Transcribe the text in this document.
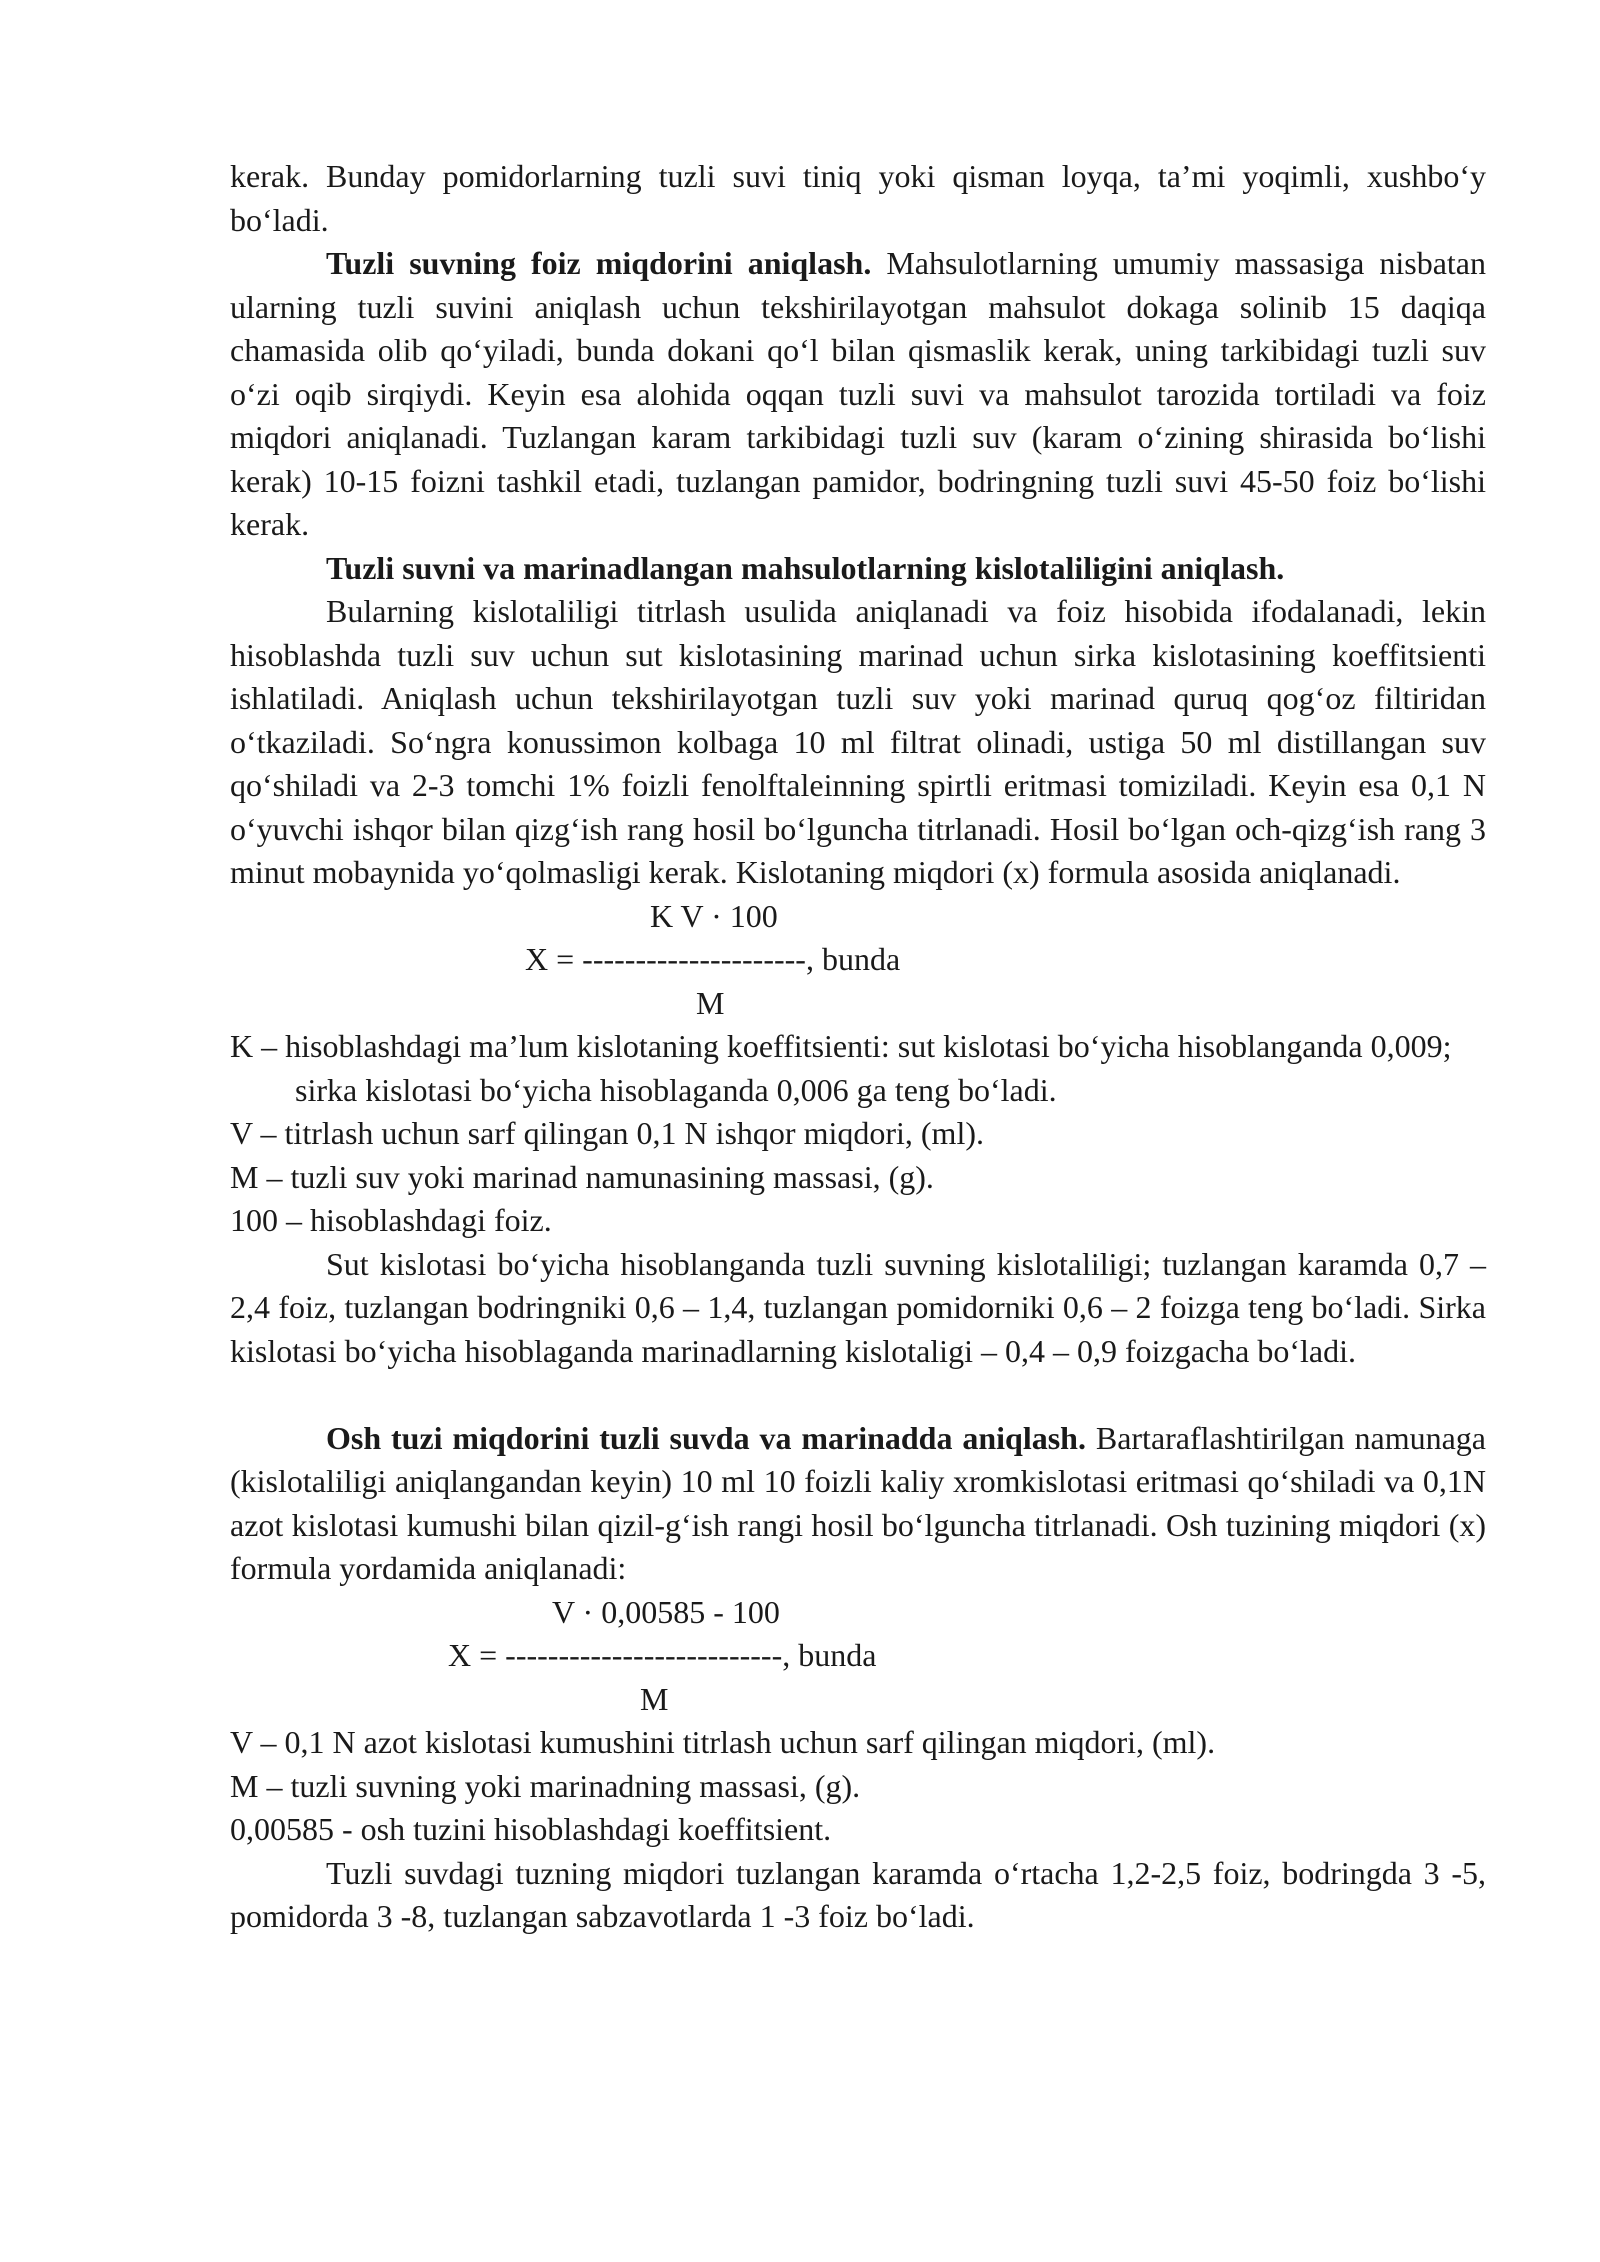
kerak. Bunday pomidorlarning tuzli suvi tiniq yoki qisman loyqa, ta’mi yoqimli, xushbo‘y bo‘ladi.

Tuzli suvning foiz miqdorini aniqlash. Mahsulotlarning umumiy massasiga nisbatan ularning tuzli suvini aniqlash uchun tekshirilayotgan mahsulot dokaga solinib 15 daqiqa chamasida olib qo‘yiladi, bunda dokani qo‘l bilan qismaslik kerak, uning tarkibidagi tuzli suv o‘zi oqib sirqiydi. Keyin esa alohida oqqan tuzli suvi va mahsulot tarozida tortiladi va foiz miqdori aniqlanadi. Tuzlangan karam tarkibidagi tuzli suv (karam o‘zining shirasida bo‘lishi kerak) 10-15 foizni tashkil etadi, tuzlangan pamidor, bodringning tuzli suvi 45-50 foiz bo‘lishi kerak.

Tuzli suvni va marinadlangan mahsulotlarning kislotaliligini aniqlash.

Bularning kislotaliligi titrlash usulida aniqlanadi va foiz hisobida ifodalanadi, lekin hisoblashda tuzli suv uchun sut kislotasining marinad uchun sirka kislotasining koeffitsienti ishlatiladi. Aniqlash uchun tekshirilayotgan tuzli suv yoki marinad quruq qog‘oz filtiridan o‘tkaziladi. So‘ngra konussimon kolbaga 10 ml filtrat olinadi, ustiga 50 ml distillangan suv qo‘shiladi va 2-3 tomchi 1% foizli fenolftaleinning spirtli eritmasi tomiziladi. Keyin esa 0,1 N o‘yuvchi ishqor bilan qizg‘ish rang hosil bo‘lguncha titrlanadi. Hosil bo‘lgan och-qizg‘ish rang 3 minut mobaynida yo‘qolmasligi kerak. Kislotaning miqdori (x) formula asosida aniqlanadi.

K V · 100
X = ---------------------, bunda
M

K – hisoblashdagi ma’lum kislotaning koeffitsienti: sut kislotasi bo‘yicha hisoblanganda 0,009; sirka kislotasi bo‘yicha hisoblaganda 0,006 ga teng bo‘ladi.

V – titrlash uchun sarf qilingan 0,1 N ishqor miqdori, (ml).

M – tuzli suv yoki marinad namunasining massasi, (g).

100 – hisoblashdagi foiz.

Sut kislotasi bo‘yicha hisoblanganda tuzli suvning kislotaliligi; tuzlangan karamda 0,7 – 2,4 foiz, tuzlangan bodringniki 0,6 – 1,4, tuzlangan pomidorniki 0,6 – 2 foizga teng bo‘ladi. Sirka kislotasi bo‘yicha hisoblaganda marinadlarning kislotaligi – 0,4 – 0,9 foizgacha bo‘ladi.

Osh tuzi miqdorini tuzli suvda va marinadda aniqlash. Bartaraflashtirilgan namunaga (kislotaliligi aniqlangandan keyin) 10 ml 10 foizli kaliy xromkislotasi eritmasi qo‘shiladi va 0,1N azot kislotasi kumushi bilan qizil-g‘ish rangi hosil bo‘lguncha titrlanadi. Osh tuzining miqdori (x) formula yordamida aniqlanadi:

V · 0,00585 - 100
X = --------------------------, bunda
M

V – 0,1 N azot kislotasi kumushini titrlash uchun sarf qilingan miqdori, (ml).

M – tuzli suvning yoki marinadning massasi, (g).

0,00585 - osh tuzini hisoblashdagi koeffitsient.

Tuzli suvdagi tuzning miqdori tuzlangan karamda o‘rtacha 1,2-2,5 foiz, bodringda 3 -5, pomidorda 3 -8, tuzlangan sabzavotlarda 1 -3 foiz bo‘ladi.
